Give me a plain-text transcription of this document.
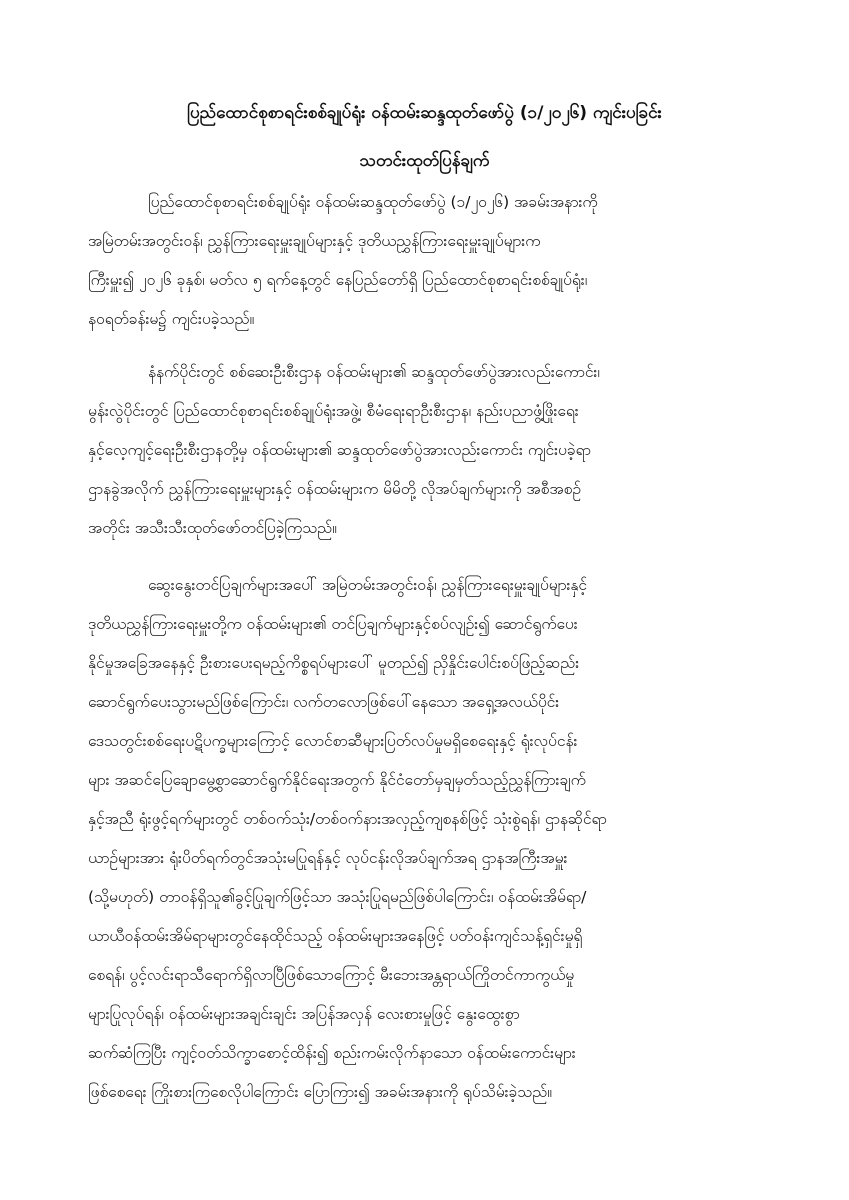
ပြည်ထောင်စုစာရင်းစစ်ချုပ်ရုံး ဝန်ထမ်းဆန္ဒထုတ်ဖော်ပွဲ (၁/၂၀၂၆) ကျင်းပခြင်း
သတင်းထုတ်ပြန်ချက်
ပြည်ထောင်စုစာရင်းစစ်ချုပ်ရုံး ဝန်ထမ်းဆန္ဒထုတ်ဖော်ပွဲ (၁/၂၀၂၆) အခမ်းအနားကို
အမြဲတမ်းအတွင်းဝန်၊ ညွှန်ကြားရေးမှူးချုပ်များနှင့် ဒုတိယညွှန်ကြားရေးမှူးချုပ်များက
ကြီးမှူး၍ ၂၀၂၆ ခုနှစ်၊ မတ်လ ၅ ရက်နေ့တွင် နေပြည်တော်ရှိ ပြည်ထောင်စုစာရင်းစစ်ချုပ်ရုံး၊
နဝရတ်ခန်းမ၌ ကျင်းပခဲ့သည်။
နံနက်ပိုင်းတွင် စစ်ဆေးဦးစီးဌာန ဝန်ထမ်းများ၏ ဆန္ဒထုတ်ဖော်ပွဲအားလည်းကောင်း၊
မွန်းလွဲပိုင်းတွင် ပြည်ထောင်စုစာရင်းစစ်ချုပ်ရုံးအဖွဲ့၊ စီမံရေးရာဦးစီးဌာန၊ နည်းပညာဖွံ့ဖြိုးရေး
နှင့်လေ့ကျင့်ရေးဦးစီးဌာနတို့မှ ဝန်ထမ်းများ၏ ဆန္ဒထုတ်ဖော်ပွဲအားလည်းကောင်း ကျင်းပခဲ့ရာ
ဌာနခွဲအလိုက် ညွှန်ကြားရေးမှူးများနှင့် ဝန်ထမ်းများက မိမိတို့ လိုအပ်ချက်များကို အစီအစဉ်
အတိုင်း အသီးသီးထုတ်ဖော်တင်ပြခဲ့ကြသည်။
ဆွေးနွေးတင်ပြချက်များအပေါ် အမြဲတမ်းအတွင်းဝန်၊ ညွှန်ကြားရေးမှူးချုပ်များနှင့်
ဒုတိယညွှန်ကြားရေးမှူးတို့က ဝန်ထမ်းများ၏ တင်ပြချက်များနှင့်စပ်လျဉ်း၍ ဆောင်ရွက်ပေး
နိုင်မှုအခြေအနေနှင့် ဦးစားပေးရမည့်ကိစ္စရပ်များပေါ် မူတည်၍ ညှိနှိုင်းပေါင်းစပ်ဖြည့်ဆည်း
ဆောင်ရွက်ပေးသွားမည်ဖြစ်ကြောင်း၊ လက်တလောဖြစ်ပေါ်နေသော အရှေ့အလယ်ပိုင်း
ဒေသတွင်းစစ်ရေးပဋိပက္ခများကြောင့် လောင်စာဆီများပြတ်လပ်မှုမရှိစေရေးနှင့် ရုံးလုပ်ငန်း
များ အဆင်ပြေချောမွေ့စွာဆောင်ရွက်နိုင်ရေးအတွက် နိုင်ငံတော်မှချမှတ်သည့်ညွှန်ကြားချက်
နှင့်အညီ ရုံးဖွင့်ရက်များတွင် တစ်ဝက်သုံး/တစ်ဝက်နားအလှည့်ကျစနစ်ဖြင့် သုံးစွဲရန်၊ ဌာနဆိုင်ရာ
ယာဉ်များအား ရုံးပိတ်ရက်တွင်အသုံးမပြုရန်နှင့် လုပ်ငန်းလိုအပ်ချက်အရ ဌာနအကြီးအမှူး
(သို့မဟုတ်) တာဝန်ရှိသူ၏ခွင့်ပြုချက်ဖြင့်သာ အသုံးပြုရမည်ဖြစ်ပါကြောင်း၊ ဝန်ထမ်းအိမ်ရာ/
ယာယီဝန်ထမ်းအိမ်ရာများတွင်နေထိုင်သည့် ဝန်ထမ်းများအနေဖြင့် ပတ်ဝန်းကျင်သန့်ရှင်းမှုရှိ
စေရန်၊ ပွင့်လင်းရာသီရောက်ရှိလာပြီဖြစ်သောကြောင့် မီးဘေးအန္တရာယ်ကြိုတင်ကာကွယ်မှု
များပြုလုပ်ရန်၊ ဝန်ထမ်းများအချင်းချင်း အပြန်အလှန် လေးစားမှုဖြင့် နွေးထွေးစွာ
ဆက်ဆံကြပြီး ကျင့်ဝတ်သိက္ခာစောင့်ထိန်း၍ စည်းကမ်းလိုက်နာသော ဝန်ထမ်းကောင်းများ
ဖြစ်စေရေး ကြိုးစားကြစေလိုပါကြောင်း ပြောကြား၍ အခမ်းအနားကို ရုပ်သိမ်းခဲ့သည်။
